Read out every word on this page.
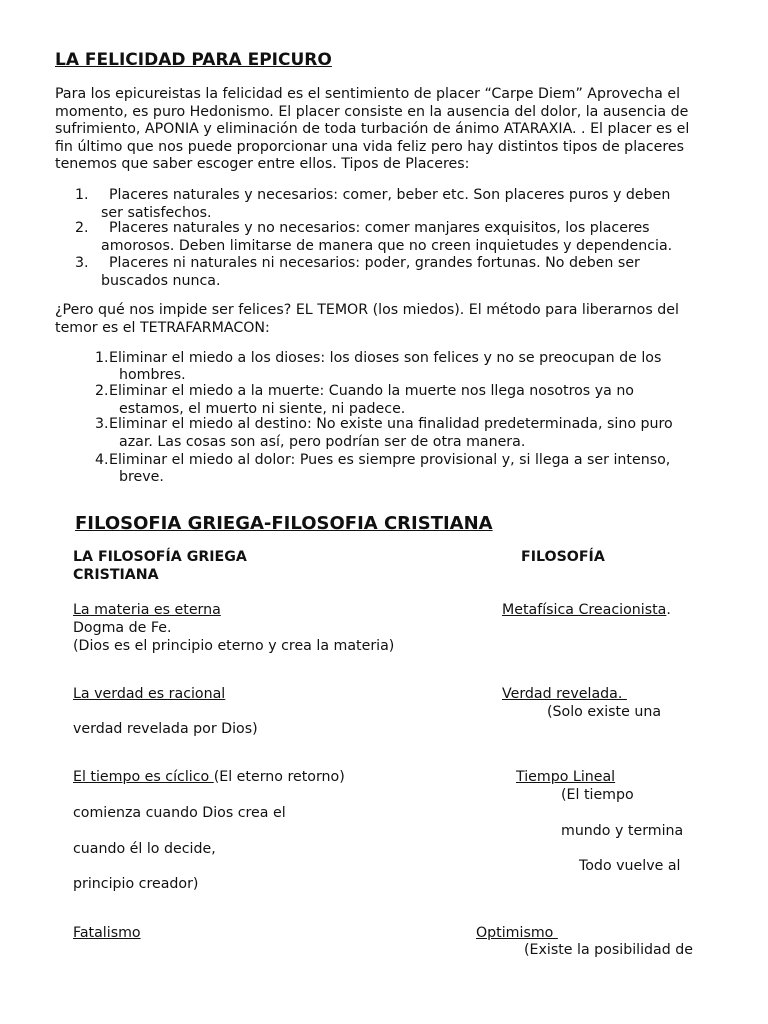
LA FELICIDAD PARA EPICURO
Para los epicureistas la felicidad es el sentimiento de placer “Carpe Diem” Aprovecha el
momento, es puro Hedonismo. El placer consiste en la ausencia del dolor, la ausencia de
sufrimiento, APONIA y eliminación de toda turbación de ánimo ATARAXIA. . El placer es el
fin último que nos puede proporcionar una vida feliz pero hay distintos tipos de placeres
tenemos que saber escoger entre ellos. Tipos de Placeres:
1. Placeres naturales y necesarios: comer, beber etc. Son placeres puros y deben
ser satisfechos.
2. Placeres naturales y no necesarios: comer manjares exquisitos, los placeres
amorosos. Deben limitarse de manera que no creen inquietudes y dependencia.
3. Placeres ni naturales ni necesarios: poder, grandes fortunas. No deben ser
buscados nunca.
¿Pero qué nos impide ser felices? EL TEMOR (los miedos). El método para liberarnos del
temor es el TETRAFARMACON:
1. Eliminar el miedo a los dioses: los dioses son felices y no se preocupan de los
hombres.
2. Eliminar el miedo a la muerte: Cuando la muerte nos llega nosotros ya no
estamos, el muerto ni siente, ni padece.
3. Eliminar el miedo al destino: No existe una finalidad predeterminada, sino puro
azar. Las cosas son así, pero podrían ser de otra manera.
4. Eliminar el miedo al dolor: Pues es siempre provisional y, si llega a ser intenso,
breve.
FILOSOFIA GRIEGA-FILOSOFIA CRISTIANA
LA FILOSOFÍA GRIEGA	FILOSOFÍA
CRISTIANA
La materia es eterna	Metafísica Creacionista.
Dogma de Fe.
(Dios es el principio eterno y crea la materia)
La verdad es racional	Verdad revelada.
(Solo existe una
verdad revelada por Dios)
El tiempo es cíclico (El eterno retorno)	Tiempo Lineal
(El tiempo
comienza cuando Dios crea el
mundo y termina
cuando él lo decide,
Todo vuelve al
principio creador)
Fatalismo	Optimismo
(Existe la posibilidad de
